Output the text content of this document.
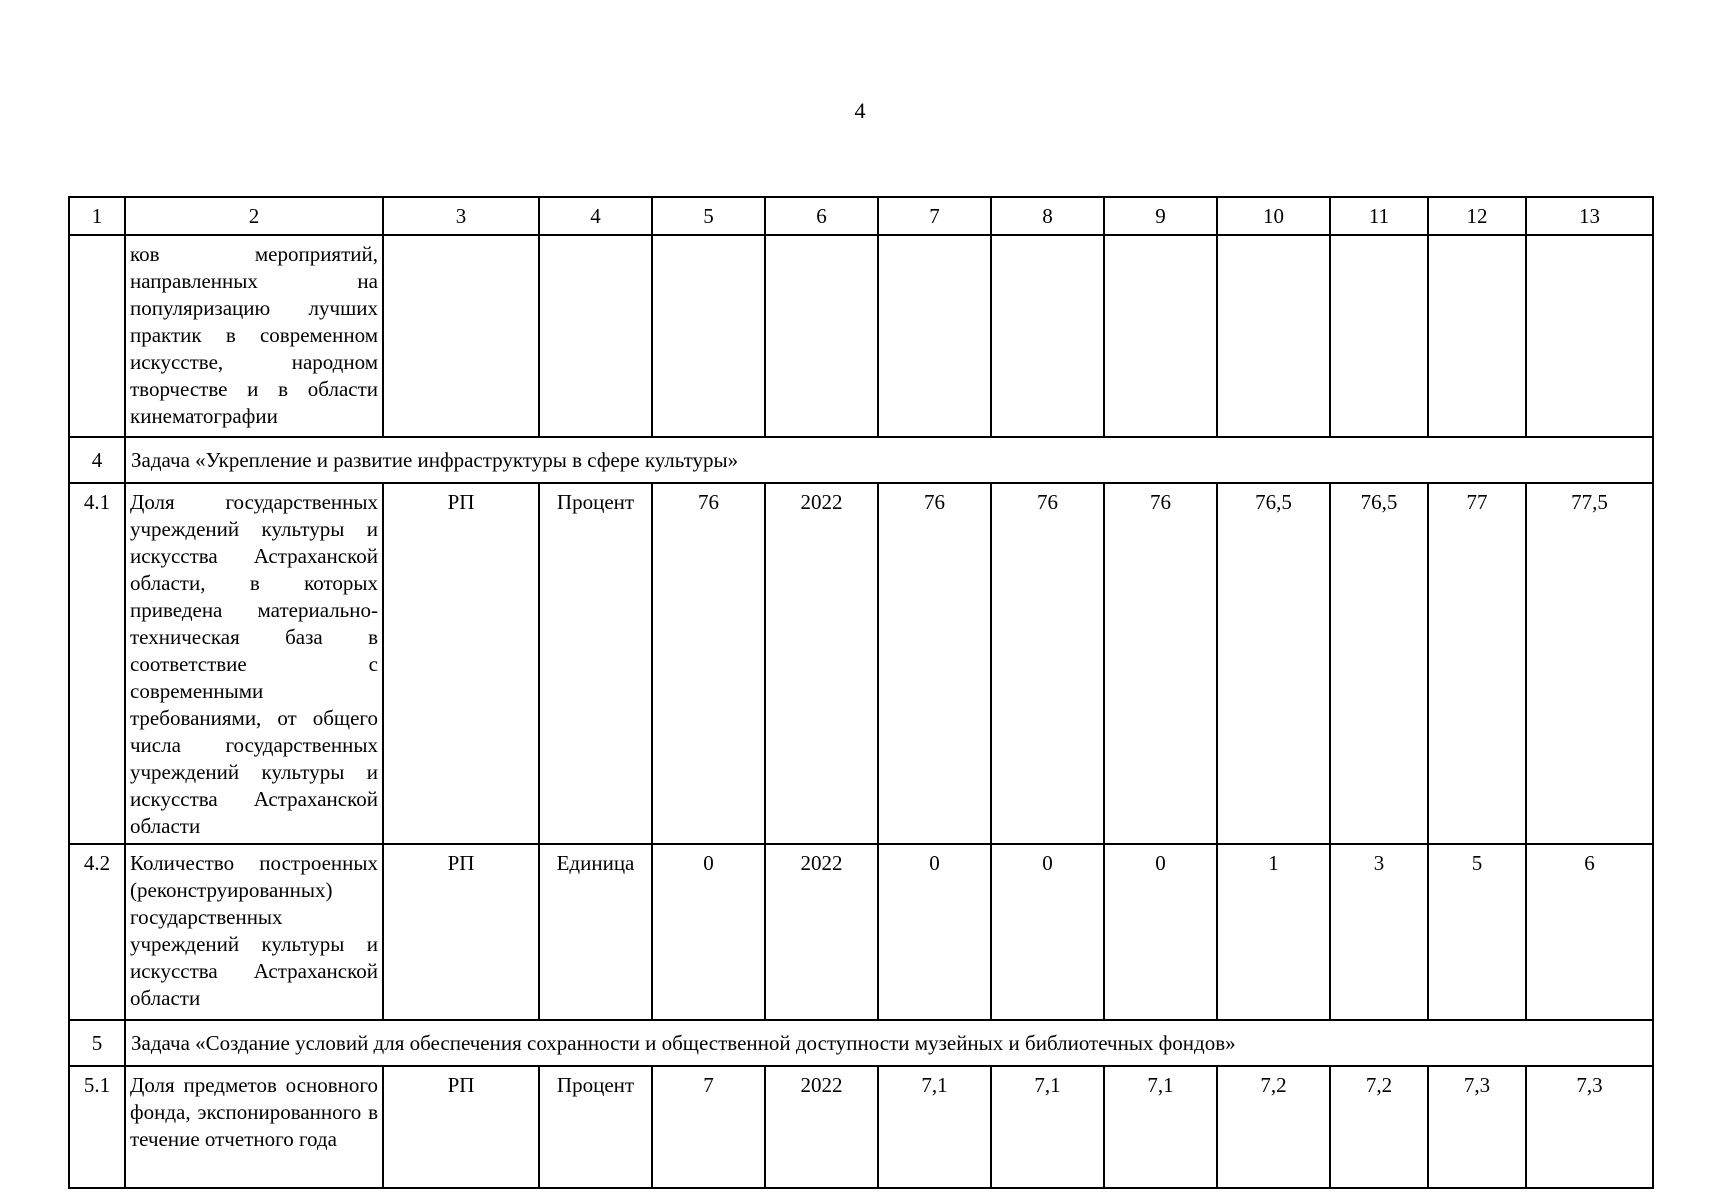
4
1	2	3	4	5	6	7	8	9	10	11	12	13
	ков мероприятий, направленных на популяризацию лучших практик в современном искусстве, народном творчестве и в области кинематографии											
4	Задача «Укрепление и развитие инфраструктуры в сфере культуры»											
4.1	Доля государственных учреждений культуры и искусства Астраханской области, в которых приведена материально-техническая база в соответствие с современными требованиями, от общего числа государственных учреждений культуры и искусства Астраханской области	РП	Процент	76	2022	76	76	76	76,5	76,5	77	77,5
4.2	Количество построенных (реконструированных) государственных учреждений культуры и искусства Астраханской области	РП	Единица	0	2022	0	0	0	1	3	5	6
5	Задача «Создание условий для обеспечения сохранности и общественной доступности музейных и библиотечных фондов»											
5.1	Доля предметов основного фонда, экспонированного в течение отчетного года	РП	Процент	7	2022	7,1	7,1	7,1	7,2	7,2	7,3	7,3
